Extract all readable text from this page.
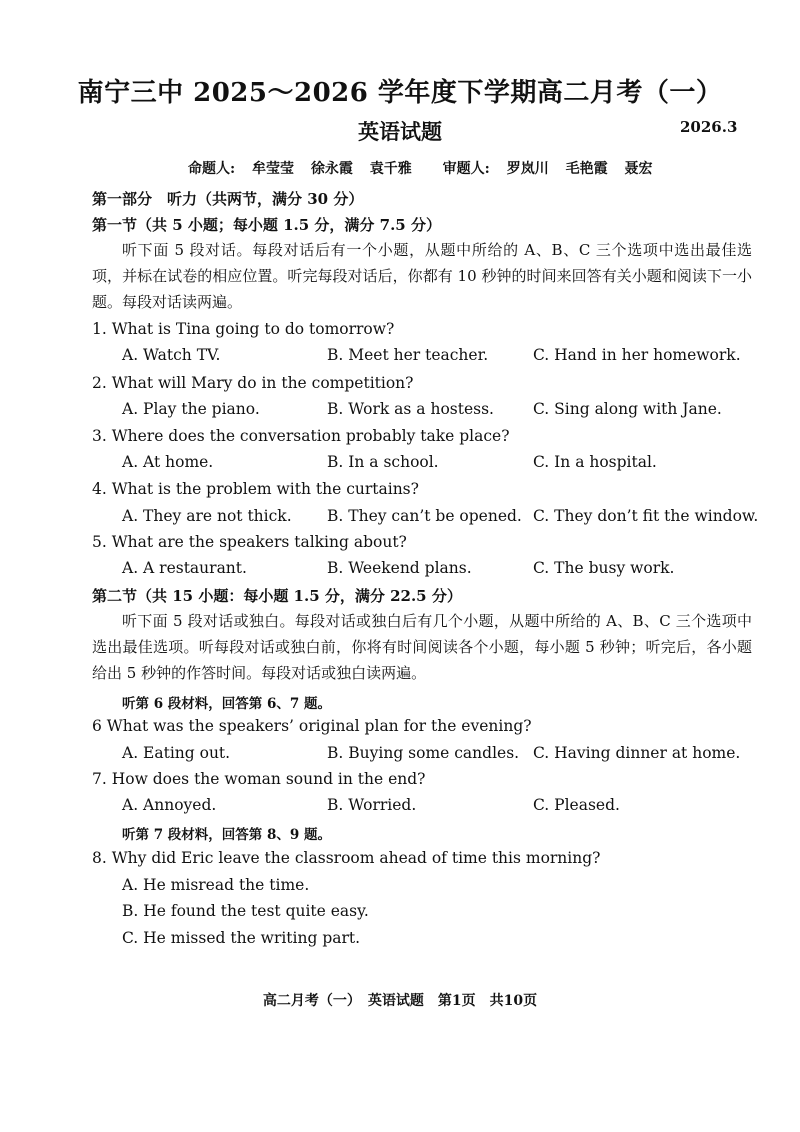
南宁三中 2025～2026 学年度下学期高二月考（一）
英语试题	2026.3
命题人: 牟莹莹 徐永霞 袁千雅 审题人: 罗岚川 毛艳霞 聂宏
第一部分　听力（共两节，满分 30 分）
第一节（共 5 小题；每小题 1.5 分，满分 7.5 分）
听下面 5 段对话。每段对话后有一个小题，从题中所给的 A、B、C 三个选项中选出最佳选项，并标在试卷的相应位置。听完每段对话后，你都有 10 秒钟的时间来回答有关小题和阅读下一小题。每段对话读两遍。
1. What is Tina going to do tomorrow?
A. Watch TV.	B. Meet her teacher.	C. Hand in her homework.
2. What will Mary do in the competition?
A. Play the piano.	B. Work as a hostess.	C. Sing along with Jane.
3. Where does the conversation probably take place?
A. At home.	B. In a school.	C. In a hospital.
4. What is the problem with the curtains?
A. They are not thick. B. They can’t be opened. C. They don’t fit the window.
5. What are the speakers talking about?
A. A restaurant.	B. Weekend plans.	C. The busy work.
第二节（共 15 小题：每小题 1.5 分，满分 22.5 分）
听下面 5 段对话或独白。每段对话或独白后有几个小题，从题中所给的 A、B、C 三个选项中选出最佳选项。听每段对话或独白前，你将有时间阅读各个小题，每小题 5 秒钟；听完后，各小题给出 5 秒钟的作答时间。每段对话或独白读两遍。
听第 6 段材料，回答第 6、7 题。
6 What was the speakers’ original plan for the evening?
A. Eating out.	B. Buying some candles. C. Having dinner at home.
7. How does the woman sound in the end?
A. Annoyed.	B. Worried.	C. Pleased.
听第 7 段材料，回答第 8、9 题。
8. Why did Eric leave the classroom ahead of time this morning?
A. He misread the time.
B. He found the test quite easy.
C. He missed the writing part.
高二月考（一）　英语试题　第1页　共10页
